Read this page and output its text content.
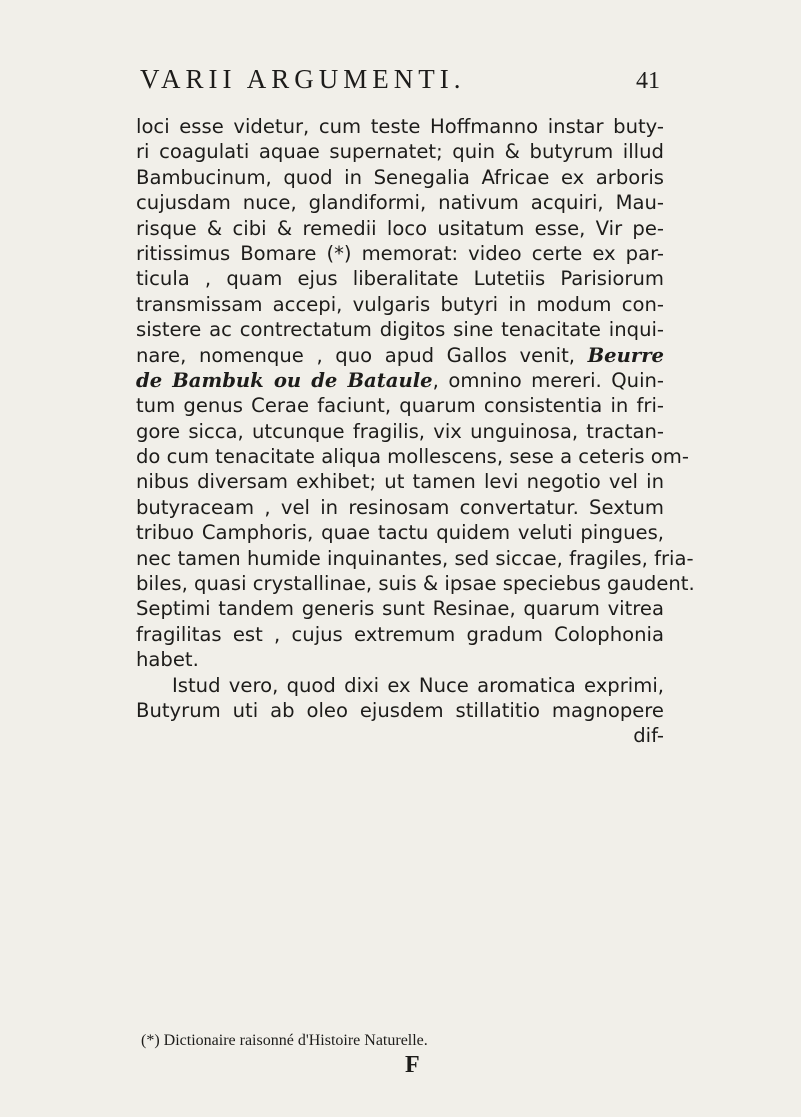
VARII ARGUMENTI.	41
loci esse videtur, cum teste Hoffmanno instar buty-
ri coagulati aquae supernatet; quin & butyrum illud
Bambucinum, quod in Senegalia Africae ex arboris
cujusdam nuce, glandiformi, nativum acquiri, Mau-
risque & cibi & remedii loco usitatum esse, Vir pe-
ritissimus Bomare (*) memorat: video certe ex par-
ticula , quam ejus liberalitate Lutetiis Parisiorum
transmissam accepi, vulgaris butyri in modum con-
sistere ac contrectatum digitos sine tenacitate inqui-
nare, nomenque , quo apud Gallos venit, Beurre
de Bambuk ou de Bataule, omnino mereri. Quin-
tum genus Cerae faciunt, quarum consistentia in fri-
gore sicca, utcunque fragilis, vix unguinosa, tractan-
do cum tenacitate aliqua mollescens, sese a ceteris om-
nibus diversam exhibet; ut tamen levi negotio vel in
butyraceam , vel in resinosam convertatur. Sextum
tribuo Camphoris, quae tactu quidem veluti pingues,
nec tamen humide inquinantes, sed siccae, fragiles, fria-
biles, quasi crystallinae, suis & ipsae speciebus gaudent.
Septimi tandem generis sunt Resinae, quarum vitrea
fragilitas est , cujus extremum gradum Colophonia
habet.
Istud vero, quod dixi ex Nuce aromatica exprimi,
Butyrum uti ab oleo ejusdem stillatitio magnopere
dif-
(*) Dictionaire raisonné d'Histoire Naturelle.
F
